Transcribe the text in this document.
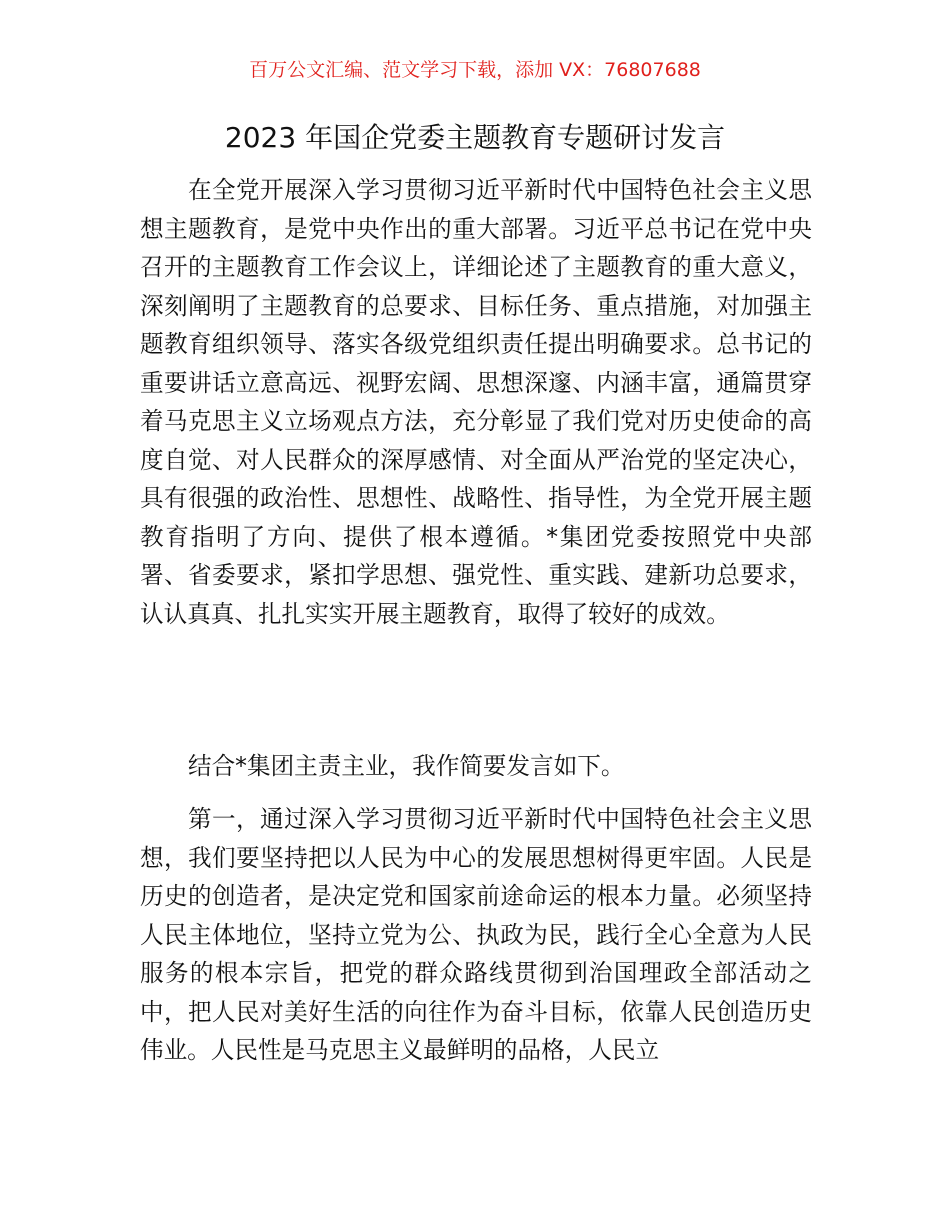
百万公文汇编、范文学习下载，添加 VX：76807688
2023 年国企党委主题教育专题研讨发言

在全党开展深入学习贯彻习近平新时代中国特色社会主义思想主题教育，是党中央作出的重大部署。习近平总书记在党中央召开的主题教育工作会议上，详细论述了主题教育的重大意义，深刻阐明了主题教育的总要求、目标任务、重点措施，对加强主题教育组织领导、落实各级党组织责任提出明确要求。总书记的重要讲话立意高远、视野宏阔、思想深邃、内涵丰富，通篇贯穿着马克思主义立场观点方法，充分彰显了我们党对历史使命的高度自觉、对人民群众的深厚感情、对全面从严治党的坚定决心，具有很强的政治性、思想性、战略性、指导性，为全党开展主题教育指明了方向、提供了根本遵循。*集团党委按照党中央部署、省委要求，紧扣学思想、强党性、重实践、建新功总要求，认认真真、扎扎实实开展主题教育，取得了较好的成效。

结合*集团主责主业，我作简要发言如下。

第一，通过深入学习贯彻习近平新时代中国特色社会主义思想，我们要坚持把以人民为中心的发展思想树得更牢固。人民是历史的创造者，是决定党和国家前途命运的根本力量。必须坚持人民主体地位，坚持立党为公、执政为民，践行全心全意为人民服务的根本宗旨，把党的群众路线贯彻到治国理政全部活动之中，把人民对美好生活的向往作为奋斗目标，依靠人民创造历史伟业。人民性是马克思主义最鲜明的品格，人民立
